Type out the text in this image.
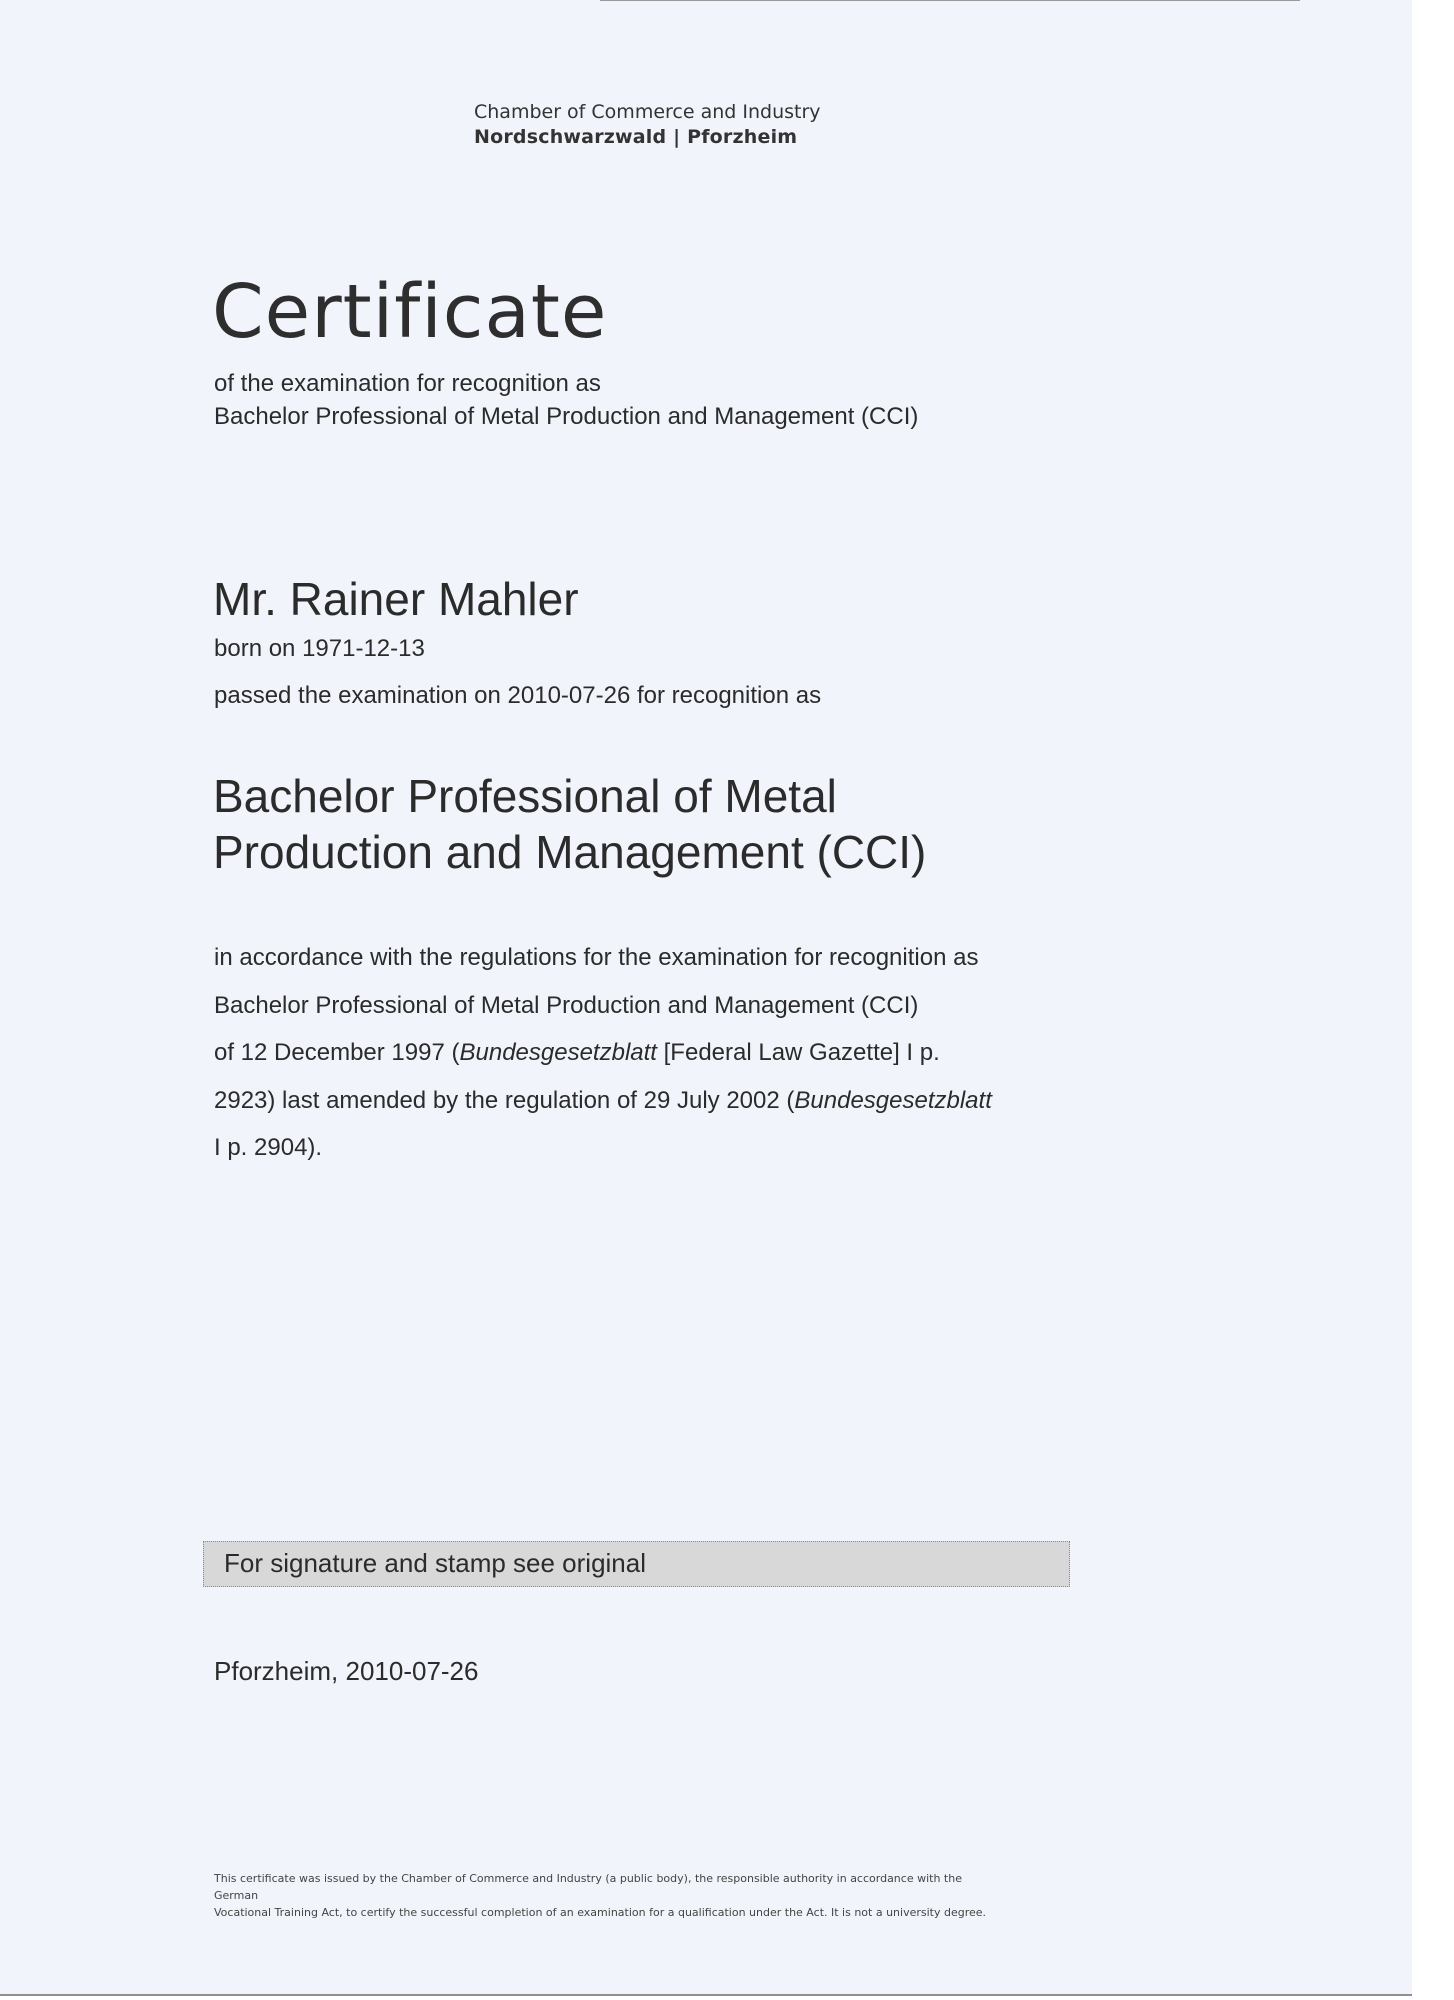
Chamber of Commerce and Industry
Nordschwarzwald | Pforzheim
Certificate
of the examination for recognition as
Bachelor Professional of Metal Production and Management (CCI)
Mr. Rainer Mahler
born on 1971-12-13
passed the examination on 2010-07-26 for recognition as
Bachelor Professional of Metal
Production and Management (CCI)
in accordance with the regulations for the examination for recognition as
Bachelor Professional of Metal Production and Management (CCI)
of 12 December 1997 (Bundesgesetzblatt [Federal Law Gazette] I p.
2923) last amended by the regulation of 29 July 2002 (Bundesgesetzblatt
I p. 2904).
For signature and stamp see original
Pforzheim, 2010-07-26
This certificate was issued by the Chamber of Commerce and Industry (a public body), the responsible authority in accordance with the German
Vocational Training Act, to certify the successful completion of an examination for a qualification under the Act. It is not a university degree.
